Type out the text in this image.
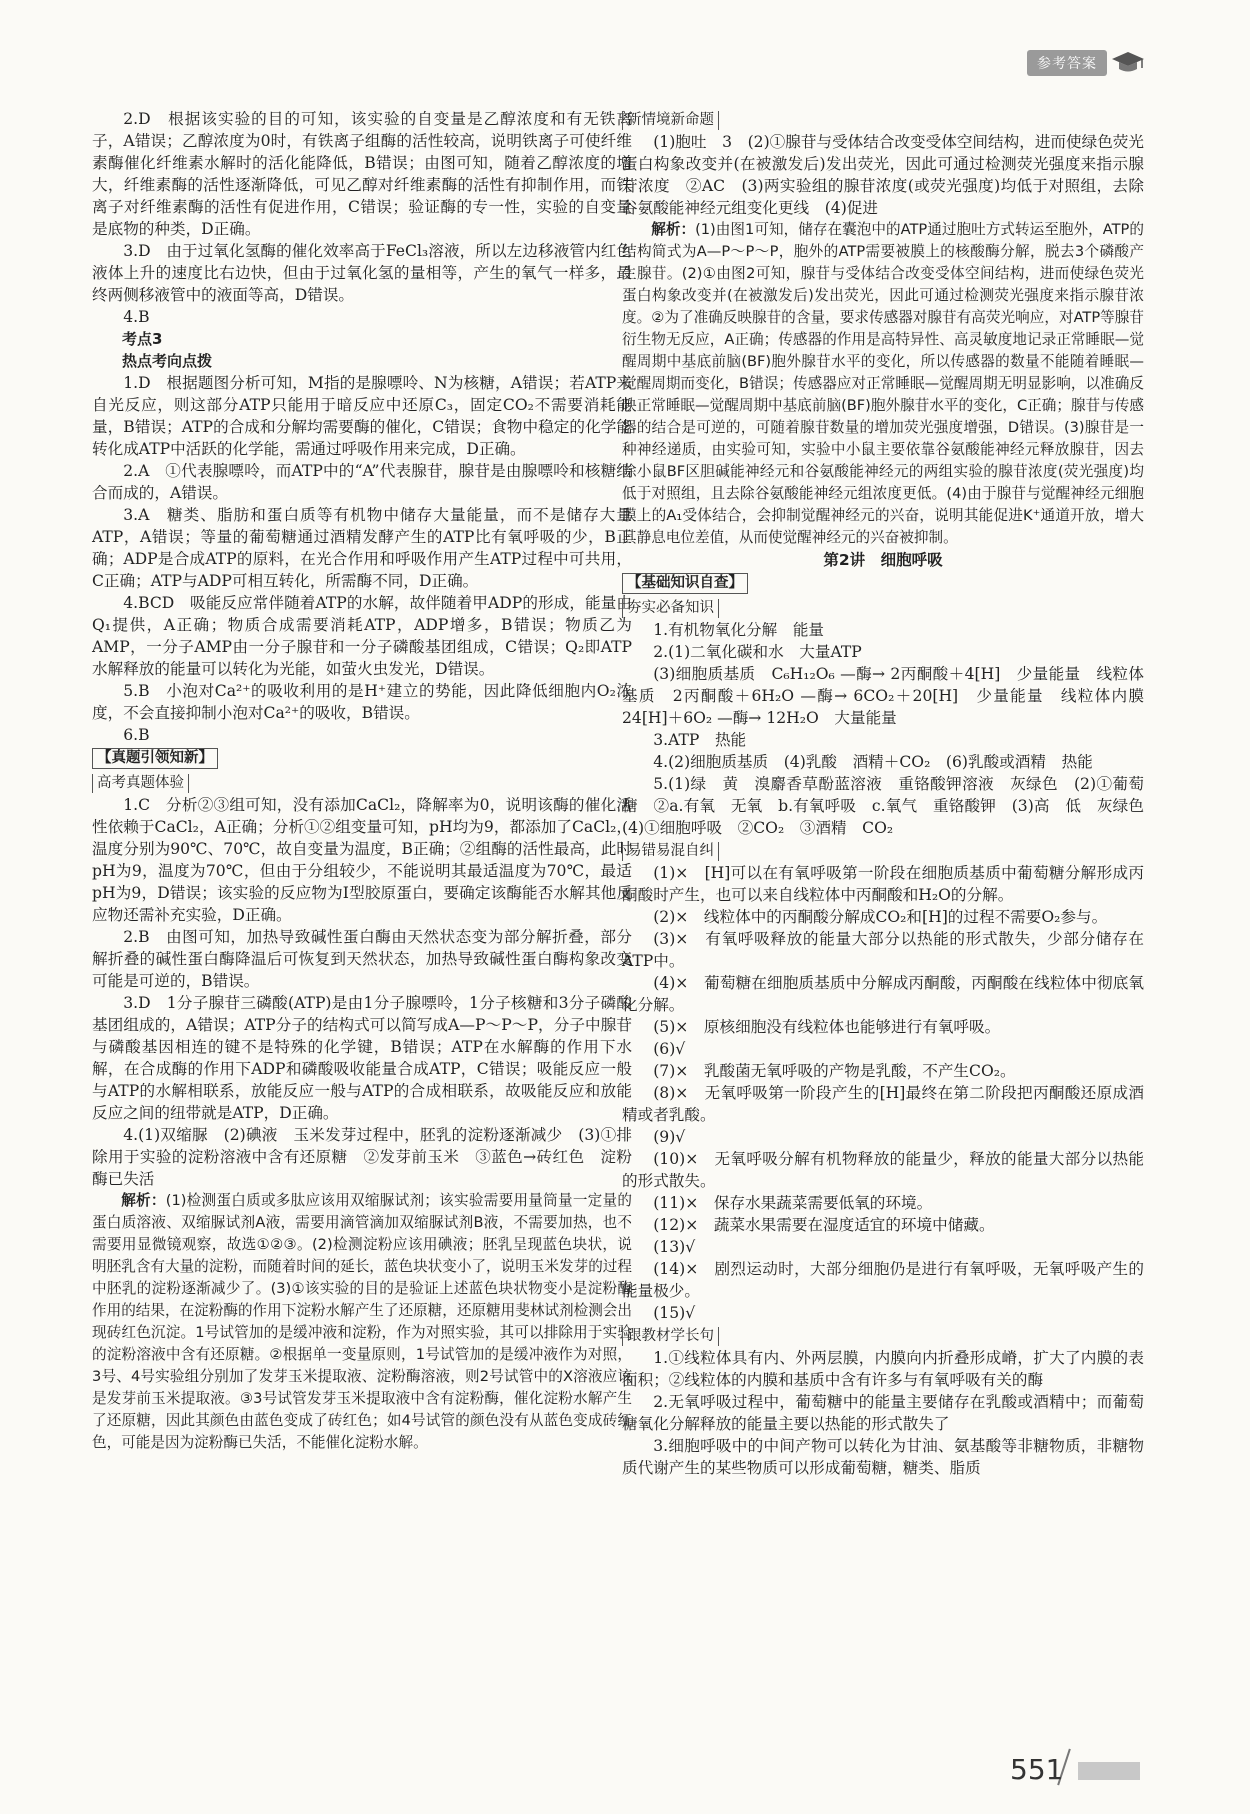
参考答案

2.D　根据该实验的目的可知，该实验的自变量是乙醇浓度和有无铁离子，A错误；乙醇浓度为0时，有铁离子组酶的活性较高，说明铁离子可使纤维素酶催化纤维素水解时的活化能降低，B错误；由图可知，随着乙醇浓度的增大，纤维素酶的活性逐渐降低，可见乙醇对纤维素酶的活性有抑制作用，而铁离子对纤维素酶的活性有促进作用，C错误；验证酶的专一性，实验的自变量是底物的种类，D正确。

3.D　由于过氧化氢酶的催化效率高于FeCl₃溶液，所以左边移液管内红色液体上升的速度比右边快，但由于过氧化氢的量相等，产生的氧气一样多，最终两侧移液管中的液面等高，D错误。

4.B

考点3

热点考向点拨

1.D　根据题图分析可知，M指的是腺嘌呤、N为核糖，A错误；若ATP来自光反应，则这部分ATP只能用于暗反应中还原C₃，固定CO₂不需要消耗能量，B错误；ATP的合成和分解均需要酶的催化，C错误；食物中稳定的化学能转化成ATP中活跃的化学能，需通过呼吸作用来完成，D正确。

2.A　①代表腺嘌呤，而ATP中的“A”代表腺苷，腺苷是由腺嘌呤和核糖结合而成的，A错误。

3.A　糖类、脂肪和蛋白质等有机物中储存大量能量，而不是储存大量ATP，A错误；等量的葡萄糖通过酒精发酵产生的ATP比有氧呼吸的少，B正确；ADP是合成ATP的原料，在光合作用和呼吸作用产生ATP过程中可共用，C正确；ATP与ADP可相互转化，所需酶不同，D正确。

4.BCD　吸能反应常伴随着ATP的水解，故伴随着甲ADP的形成，能量由Q₁提供，A正确；物质合成需要消耗ATP，ADP增多，B错误；物质乙为AMP，一分子AMP由一分子腺苷和一分子磷酸基团组成，C错误；Q₂即ATP水解释放的能量可以转化为光能，如萤火虫发光，D错误。

5.B　小泡对Ca²⁺的吸收利用的是H⁺建立的势能，因此降低细胞内O₂浓度，不会直接抑制小泡对Ca²⁺的吸收，B错误。

6.B

【真题引领知新】
高考真题体验

1.C　分析②③组可知，没有添加CaCl₂，降解率为0，说明该酶的催化活性依赖于CaCl₂，A正确；分析①②组变量可知，pH均为9，都添加了CaCl₂，温度分别为90℃、70℃，故自变量为温度，B正确；②组酶的活性最高，此时pH为9，温度为70℃，但由于分组较少，不能说明其最适温度为70℃，最适pH为9，D错误；该实验的反应物为Ⅰ型胶原蛋白，要确定该酶能否水解其他反应物还需补充实验，D正确。

2.B　由图可知，加热导致碱性蛋白酶由天然状态变为部分解折叠，部分解折叠的碱性蛋白酶降温后可恢复到天然状态，加热导致碱性蛋白酶构象改变可能是可逆的，B错误。

3.D　1分子腺苷三磷酸(ATP)是由1分子腺嘌呤，1分子核糖和3分子磷酸基团组成的，A错误；ATP分子的结构式可以简写成A—P～P～P，分子中腺苷与磷酸基因相连的键不是特殊的化学键，B错误；ATP在水解酶的作用下水解，在合成酶的作用下ADP和磷酸吸收能量合成ATP，C错误；吸能反应一般与ATP的水解相联系，放能反应一般与ATP的合成相联系，故吸能反应和放能反应之间的纽带就是ATP，D正确。

4.(1)双缩脲　(2)碘液　玉米发芽过程中，胚乳的淀粉逐渐减少　(3)①排除用于实验的淀粉溶液中含有还原糖　②发芽前玉米　③蓝色→砖红色　淀粉酶已失活

解析：(1)检测蛋白质或多肽应该用双缩脲试剂；该实验需要用量筒量一定量的蛋白质溶液、双缩脲试剂A液，需要用滴管滴加双缩脲试剂B液，不需要加热，也不需要用显微镜观察，故选①②③。(2)检测淀粉应该用碘液；胚乳呈现蓝色块状，说明胚乳含有大量的淀粉，而随着时间的延长，蓝色块状变小了，说明玉米发芽的过程中胚乳的淀粉逐渐减少了。(3)①该实验的目的是验证上述蓝色块状物变小是淀粉酶作用的结果，在淀粉酶的作用下淀粉水解产生了还原糖，还原糖用斐林试剂检测会出现砖红色沉淀。1号试管加的是缓冲液和淀粉，作为对照实验，其可以排除用于实验的淀粉溶液中含有还原糖。②根据单一变量原则，1号试管加的是缓冲液作为对照，3号、4号实验组分别加了发芽玉米提取液、淀粉酶溶液，则2号试管中的X溶液应该是发芽前玉米提取液。③3号试管发芽玉米提取液中含有淀粉酶，催化淀粉水解产生了还原糖，因此其颜色由蓝色变成了砖红色；如4号试管的颜色没有从蓝色变成砖红色，可能是因为淀粉酶已失活，不能催化淀粉水解。

新情境新命题

(1)胞吐　3　(2)①腺苷与受体结合改变受体空间结构，进而使绿色荧光蛋白构象改变并(在被激发后)发出荧光，因此可通过检测荧光强度来指示腺苷浓度　②AC　(3)两实验组的腺苷浓度(或荧光强度)均低于对照组，去除谷氨酸能神经元组变化更线　(4)促进

解析：(1)由图1可知，储存在囊泡中的ATP通过胞吐方式转运至胞外，ATP的结构简式为A—P～P～P，胞外的ATP需要被膜上的核酸酶分解，脱去3个磷酸产生腺苷。(2)①由图2可知，腺苷与受体结合改变受体空间结构，进而使绿色荧光蛋白构象改变并(在被激发后)发出荧光，因此可通过检测荧光强度来指示腺苷浓度。②为了准确反映腺苷的含量，要求传感器对腺苷有高荧光响应，对ATP等腺苷衍生物无反应，A正确；传感器的作用是高特异性、高灵敏度地记录正常睡眠—觉醒周期中基底前脑(BF)胞外腺苷水平的变化，所以传感器的数量不能随着睡眠—觉醒周期而变化，B错误；传感器应对正常睡眠—觉醒周期无明显影响，以准确反映正常睡眠—觉醒周期中基底前脑(BF)胞外腺苷水平的变化，C正确；腺苷与传感器的结合是可逆的，可随着腺苷数量的增加荧光强度增强，D错误。(3)腺苷是一种神经递质，由实验可知，实验中小鼠主要依靠谷氨酸能神经元释放腺苷，因去除小鼠BF区胆碱能神经元和谷氨酸能神经元的两组实验的腺苷浓度(荧光强度)均低于对照组，且去除谷氨酸能神经元组浓度更低。(4)由于腺苷与觉醒神经元细胞膜上的A₁受体结合，会抑制觉醒神经元的兴奋，说明其能促进K⁺通道开放，增大其静息电位差值，从而使觉醒神经元的兴奋被抑制。

第2讲　细胞呼吸

【基础知识自查】
夯实必备知识

1.有机物氧化分解　能量

2.(1)二氧化碳和水　大量ATP

(3)细胞质基质　C₆H₁₂O₆ —酶→ 2丙酮酸＋4[H]　少量能量　线粒体基质　2丙酮酸＋6H₂O —酶→ 6CO₂＋20[H]　少量能量　线粒体内膜　24[H]＋6O₂ —酶→ 12H₂O　大量能量

3.ATP　热能

4.(2)细胞质基质　(4)乳酸　酒精＋CO₂　(6)乳酸或酒精　热能

5.(1)绿　黄　溴麝香草酚蓝溶液　重铬酸钾溶液　灰绿色　(2)①葡萄糖　②a.有氧　无氧　b.有氧呼吸　c.氧气　重铬酸钾　(3)高　低　灰绿色　(4)①细胞呼吸　②CO₂　③酒精　CO₂

易错易混自纠

(1)×　[H]可以在有氧呼吸第一阶段在细胞质基质中葡萄糖分解形成丙酮酸时产生，也可以来自线粒体中丙酮酸和H₂O的分解。

(2)×　线粒体中的丙酮酸分解成CO₂和[H]的过程不需要O₂参与。

(3)×　有氧呼吸释放的能量大部分以热能的形式散失，少部分储存在ATP中。

(4)×　葡萄糖在细胞质基质中分解成丙酮酸，丙酮酸在线粒体中彻底氧化分解。

(5)×　原核细胞没有线粒体也能够进行有氧呼吸。

(6)√

(7)×　乳酸菌无氧呼吸的产物是乳酸，不产生CO₂。

(8)×　无氧呼吸第一阶段产生的[H]最终在第二阶段把丙酮酸还原成酒精或者乳酸。

(9)√

(10)×　无氧呼吸分解有机物释放的能量少，释放的能量大部分以热能的形式散失。

(11)×　保存水果蔬菜需要低氧的环境。

(12)×　蔬菜水果需要在湿度适宜的环境中储藏。

(13)√

(14)×　剧烈运动时，大部分细胞仍是进行有氧呼吸，无氧呼吸产生的能量极少。

(15)√

跟教材学长句

1.①线粒体具有内、外两层膜，内膜向内折叠形成嵴，扩大了内膜的表面积；②线粒体的内膜和基质中含有许多与有氧呼吸有关的酶

2.无氧呼吸过程中，葡萄糖中的能量主要储存在乳酸或酒精中；而葡萄糖氧化分解释放的能量主要以热能的形式散失了

3.细胞呼吸中的中间产物可以转化为甘油、氨基酸等非糖物质，非糖物质代谢产生的某些物质可以形成葡萄糖，糖类、脂质

551
